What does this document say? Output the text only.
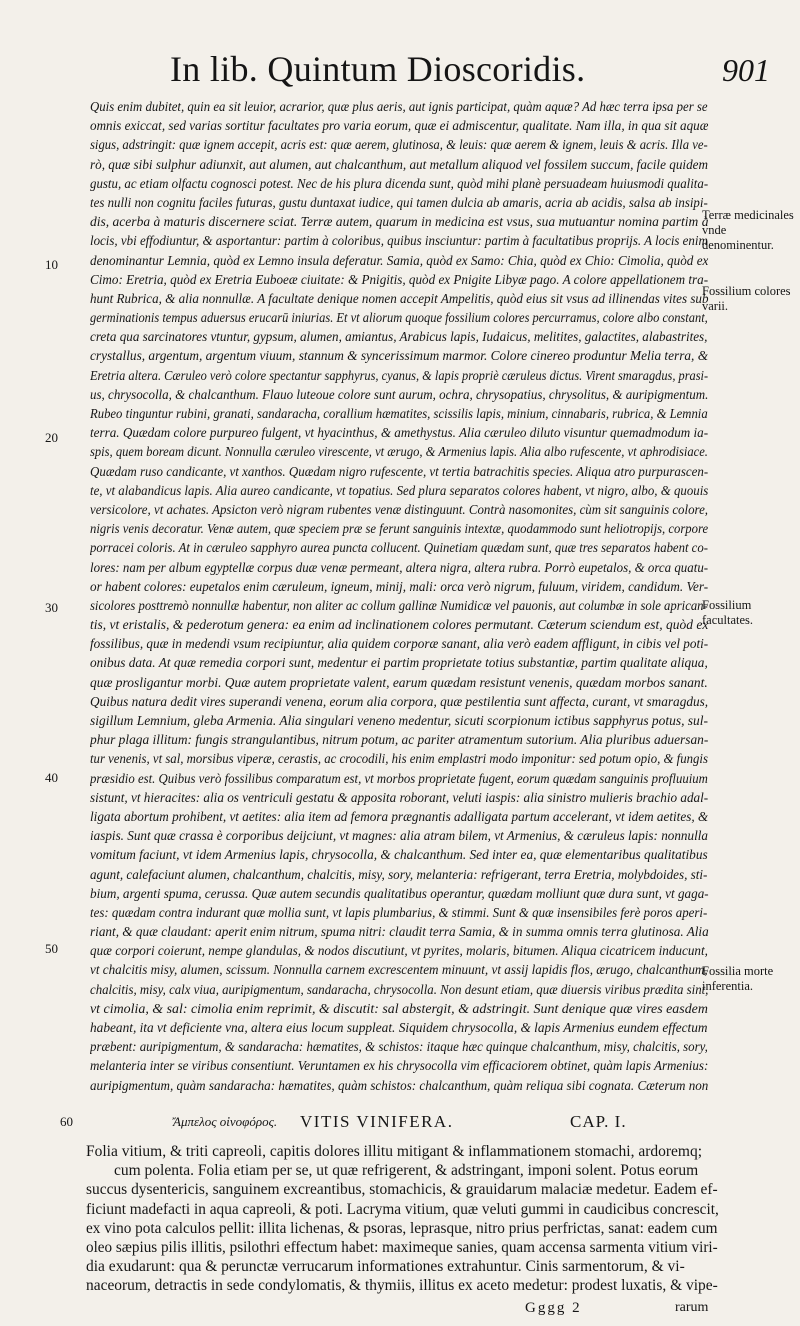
In lib. Quintum Dioscoridis.	901
Quis enim dubitet, quin ea sit leuior, acrarior, quæ plus aeris, aut ignis participat, quàm aquæ? Ad hæc terra ipsa per se
omnis exiccat, sed varias sortitur facultates pro varia eorum, quæ ei admiscentur, qualitate. Nam illa, in qua sit aquæ
sigus, adstringit: quæ ignem accepit, acris est: quæ aerem, glutinosa, & leuis: quæ aerem & ignem, leuis & acris. Illa ve-
rò, quæ sibi sulphur adiunxit, aut alumen, aut chalcanthum, aut metallum aliquod vel fossilem succum, facile quidem
gustu, ac etiam olfactu cognosci potest. Nec de his plura dicenda sunt, quòd mihi planè persuadeam huiusmodi qualita-
tes nulli non cognitu faciles futuras, gustu duntaxat iudice, qui tamen dulcia ab amaris, acria ab acidis, salsa ab insipi-
dis, acerba à maturis discernere sciat. Terræ autem, quarum in medicina est vsus, sua mutuantur nomina partim à
locis, vbi effodiuntur, & asportantur: partim à coloribus, quibus insciuntur: partim à facultatibus proprijs. A locis enim
denominantur Lemnia, quòd ex Lemno insula deferatur. Samia, quòd ex Samo: Chia, quòd ex Chio: Cimolia, quòd ex
Cimo: Eretria, quòd ex Eretria Euboeæ ciuitate: & Pnigitis, quòd ex Pnigite Libyæ pago. A colore appellationem tra-
hunt Rubrica, & alia nonnullæ. A facultate denique nomen accepit Ampelitis, quòd eius sit vsus ad illinendas vites sub
germinationis tempus aduersus erucarū iniurias. Et vt aliorum quoque fossilium colores percurramus, colore albo constant,
creta qua sarcinatores vtuntur, gypsum, alumen, amiantus, Arabicus lapis, Iudaicus, melitites, galactites, alabastrites,
crystallus, argentum, argentum viuum, stannum & syncerissimum marmor. Colore cinereo produntur Melia terra, &
Eretria altera. Cæruleo verò colore spectantur sapphyrus, cyanus, & lapis propriè cæruleus dictus. Virent smaragdus, prasi-
us, chrysocolla, & chalcanthum. Flauo luteoue colore sunt aurum, ochra, chrysopatius, chrysolitus, & auripigmentum.
Rubeo tinguntur rubini, granati, sandaracha, corallium hæmatites, scissilis lapis, minium, cinnabaris, rubrica, & Lemnia
terra. Quædam colore purpureo fulgent, vt hyacinthus, & amethystus. Alia cæruleo diluto visuntur quemadmodum ia-
spis, quem boream dicunt. Nonnulla cæruleo virescente, vt ærugo, & Armenius lapis. Alia albo rufescente, vt aphrodisiace.
Quædam ruso candicante, vt xanthos. Quædam nigro rufescente, vt tertia batrachitis species. Aliqua atro purpurascen-
te, vt alabandicus lapis. Alia aureo candicante, vt topatius. Sed plura separatos colores habent, vt nigro, albo, & quouis
versicolore, vt achates. Apsicton verò nigram rubentes venæ distinguunt. Contrà nasomonites, cùm sit sanguinis colore,
nigris venis decoratur. Venæ autem, quæ speciem præ se ferunt sanguinis intextæ, quodammodo sunt heliotropijs, corpore
porracei coloris. At in cæruleo sapphyro aurea puncta collucent. Quinetiam quædam sunt, quæ tres separatos habent co-
lores: nam per album egyptellæ corpus duæ venæ permeant, altera nigra, altera rubra. Porrò eupetalos, & orca quatu-
or habent colores: eupetalos enim cæruleum, igneum, minij, mali: orca verò nigrum, fuluum, viridem, candidum. Ver-
sicolores posttremò nonnullæ habentur, non aliter ac collum gallinæ Numidicæ vel pauonis, aut columbæ in sole aprican-
tis, vt eristalis, & pederotum genera: ea enim ad inclinationem colores permutant. Cæterum sciendum est, quòd ex
fossilibus, quæ in medendi vsum recipiuntur, alia quidem corporæ sanant, alia verò eadem affligunt, in cibis vel poti-
onibus data. At quæ remedia corpori sunt, medentur ei partim proprietate totius substantiæ, partim qualitate aliqua,
quæ prosligantur morbi. Quæ autem proprietate valent, earum quædam resistunt venenis, quædam morbos sanant.
Quibus natura dedit vires superandi venena, eorum alia corpora, quæ pestilentia sunt affecta, curant, vt smaragdus,
sigillum Lemnium, gleba Armenia. Alia singulari veneno medentur, sicuti scorpionum ictibus sapphyrus potus, sul-
phur plaga illitum: fungis strangulantibus, nitrum potum, ac pariter atramentum sutorium. Alia pluribus aduersan-
tur venenis, vt sal, morsibus viperæ, cerastis, ac crocodili, his enim emplastri modo imponitur: sed potum opio, & fungis
præsidio est. Quibus verò fossilibus comparatum est, vt morbos proprietate fugent, eorum quædam sanguinis profluuium
sistunt, vt hieracites: alia os ventriculi gestatu & apposita roborant, veluti iaspis: alia sinistro mulieris brachio adal-
ligata abortum prohibent, vt aetites: alia item ad femora prægnantis adalligata partum accelerant, vt idem aetites, &
iaspis. Sunt quæ crassa è corporibus deijciunt, vt magnes: alia atram bilem, vt Armenius, & cæruleus lapis: nonnulla
vomitum faciunt, vt idem Armenius lapis, chrysocolla, & chalcanthum. Sed inter ea, quæ elementaribus qualitatibus
agunt, calefaciunt alumen, chalcanthum, chalcitis, misy, sory, melanteria: refrigerant, terra Eretria, molybdoides, sti-
bium, argenti spuma, cerussa. Quæ autem secundis qualitatibus operantur, quædam molliunt quæ dura sunt, vt gaga-
tes: quædam contra indurant quæ mollia sunt, vt lapis plumbarius, & stimmi. Sunt & quæ insensibiles ferè poros aperi-
riant, & quæ claudant: aperit enim nitrum, spuma nitri: claudit terra Samia, & in summa omnis terra glutinosa. Alia
quæ corpori coierunt, nempe glandulas, & nodos discutiunt, vt pyrites, molaris, bitumen. Aliqua cicatricem inducunt,
vt chalcitis misy, alumen, scissum. Nonnulla carnem excrescentem minuunt, vt assij lapidis flos, ærugo, chalcanthum,
chalcitis, misy, calx viua, auripigmentum, sandaracha, chrysocolla. Non desunt etiam, quæ diuersis viribus prædita sint,
vt cimolia, & sal: cimolia enim reprimit, & discutit: sal abstergit, & adstringit. Sunt denique quæ vires easdem
habeant, ita vt deficiente vna, altera eius locum suppleat. Siquidem chrysocolla, & lapis Armenius eundem effectum
præbent: auripigmentum, & sandaracha: hæmatites, & schistos: itaque hæc quinque chalcanthum, misy, chalcitis, sory,
melanteria inter se viribus consentiunt. Veruntamen ex his chrysocolla vim efficaciorem obtinet, quàm lapis Armenius:
auripigmentum, quàm sandaracha: hæmatites, quàm schistos: chalcanthum, quàm reliqua sibi cognata. Cæterum non
10
20
30
40
50
Terræ medicinales vnde denominentur.
Fossilium colores varii.
Fossilium facultates.
Fossilia morte inferentia.
60	Ἄμπελος οἰνοφόρος. VITIS VINIFERA.	CAP. I.
Folia vitium, & triti capreoli, capitis dolores illitu mitigant & inflammationem stomachi, ardoremq;
cum polenta. Folia etiam per se, ut quæ refrigerent, & adstringant, imponi solent. Potus eorum
succus dysentericis, sanguinem excreantibus, stomachicis, & grauidarum malaciæ medetur. Eadem ef-
ficiunt madefacti in aqua capreoli, & poti. Lacryma vitium, quæ veluti gummi in caudicibus concrescit,
ex vino pota calculos pellit: illita lichenas, & psoras, leprasque, nitro prius perfrictas, sanat: eadem cum
oleo sæpius pilis illitis, psilothri effectum habet: maximeque sanies, quam accensa sarmenta vitium viri-
dia exudarunt: qua & perunctæ verrucarum informationes extrahuntur. Cinis sarmentorum, & vi-
naceorum, detractis in sede condylomatis, & thymiis, illitus ex aceto medetur: prodest luxatis, & vipe-
Gggg 2	rarum
